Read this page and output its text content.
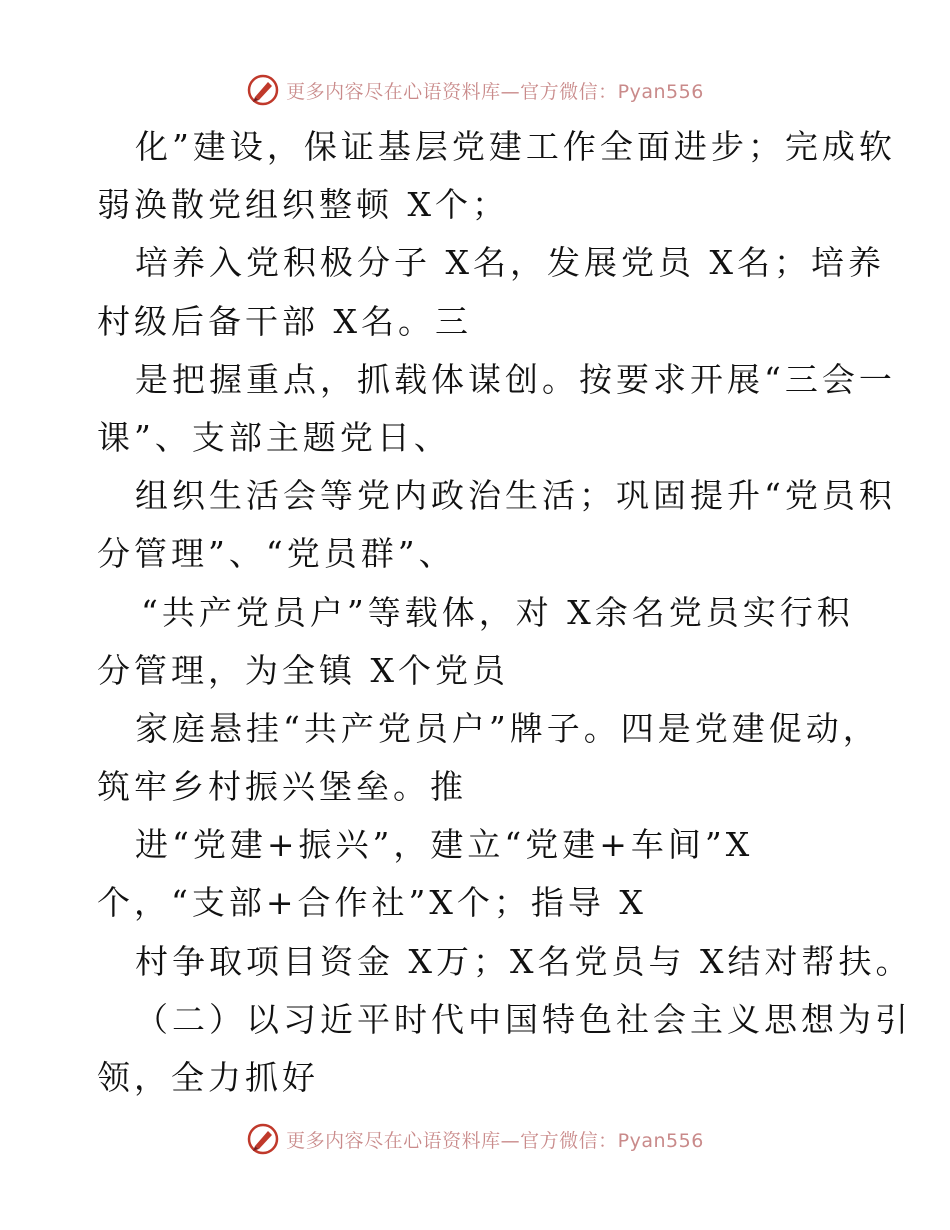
更多内容尽在心语资料库—官方微信：Pyan556
化”建设，保证基层党建工作全面进步；完成软
弱涣散党组织整顿 X个；
培养入党积极分子 X名，发展党员 X名；培养
村级后备干部 X名。三
是把握重点，抓载体谋创。按要求开展“三会一
课”、支部主题党日、
组织生活会等党内政治生活；巩固提升“党员积
分管理”、“党员群”、
“共产党员户”等载体，对 X余名党员实行积
分管理，为全镇 X个党员
家庭悬挂“共产党员户”牌子。四是党建促动，
筑牢乡村振兴堡垒。推
进“党建+振兴”，建立“党建+车间”X
个，“支部+合作社”X个；指导 X
村争取项目资金 X万；X名党员与 X结对帮扶。
（二）以习近平时代中国特色社会主义思想为引
领，全力抓好
更多内容尽在心语资料库—官方微信：Pyan556
